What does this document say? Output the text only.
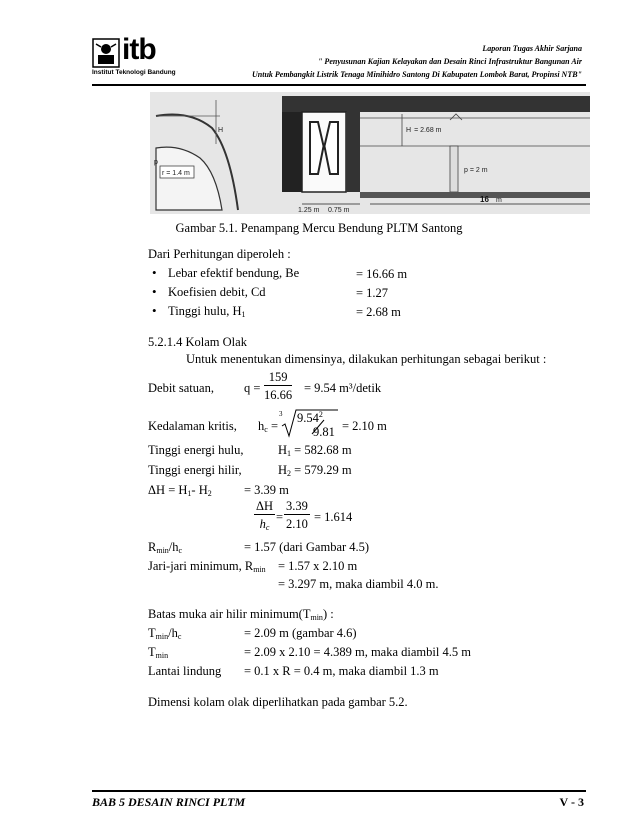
itb
Institut Teknologi Bandung
Laporan Tugas Akhir Sarjana
" Penyusunan Kajian Kelayakan dan Desain Rinci Infrastruktur Bangunan Air
Untuk Pembangkit Listrik Tenaga Minihidro Santong Di Kabupaten Lombok Barat, Propinsi NTB"
r = 1.4 m
H
p
H = 2.68 m
p = 2 m
16 m
1.25 m 0.75 m
Gambar 5.1. Penampang Mercu Bendung PLTM Santong
Dari Perhitungan diperoleh :
• Lebar efektif bendung, Be	= 16.66 m
• Koefisien debit, Cd	= 1.27
• Tinggi hulu, $H_1$	= 2.68 m
5.2.1.4 Kolam Olak
Untuk menentukan dimensinya, dilakukan perhitungan sebagai berikut :
Debit satuan, $q = \frac{159}{16.66} = 9.54$ m³/detik
Kedalaman kritis, $h_c$ =
3 9.54$^2$
9.81 = 2.10 m
Tinggi energi hulu,	$H_1 = 582.68$ m
Tinggi energi hilir,	$H_2 = 579.29$ m
$\Delta H = H_1-$ $H_2$	= 3.39 m
$\frac{\Delta H}{h_c} = \frac{3.39}{2.10} = 1.614$
$R_{min}/h_c$	= 1.57 (dari Gambar 4.5)
Jari-jari minimum, $R_{min} = 1.57$ x 2.10 m
= 3.297 m, maka diambil 4.0 m.
Batas muka air hilir $minimum(T_{min})$ :
$T_{min}/h_c$	= 2.09 m (gambar 4.6)
$T_{min}$	= 2.09 x 2.10 = 4.389 m, maka diambil 4.5 m
Lantai lindung = 0.1 x R = 0.4 m, maka diambil 1.3 m
Dimensi kolam olak diperlihatkan pada gambar 5.2.
BAB 5 DESAIN RINCI PLTM	V - 3
